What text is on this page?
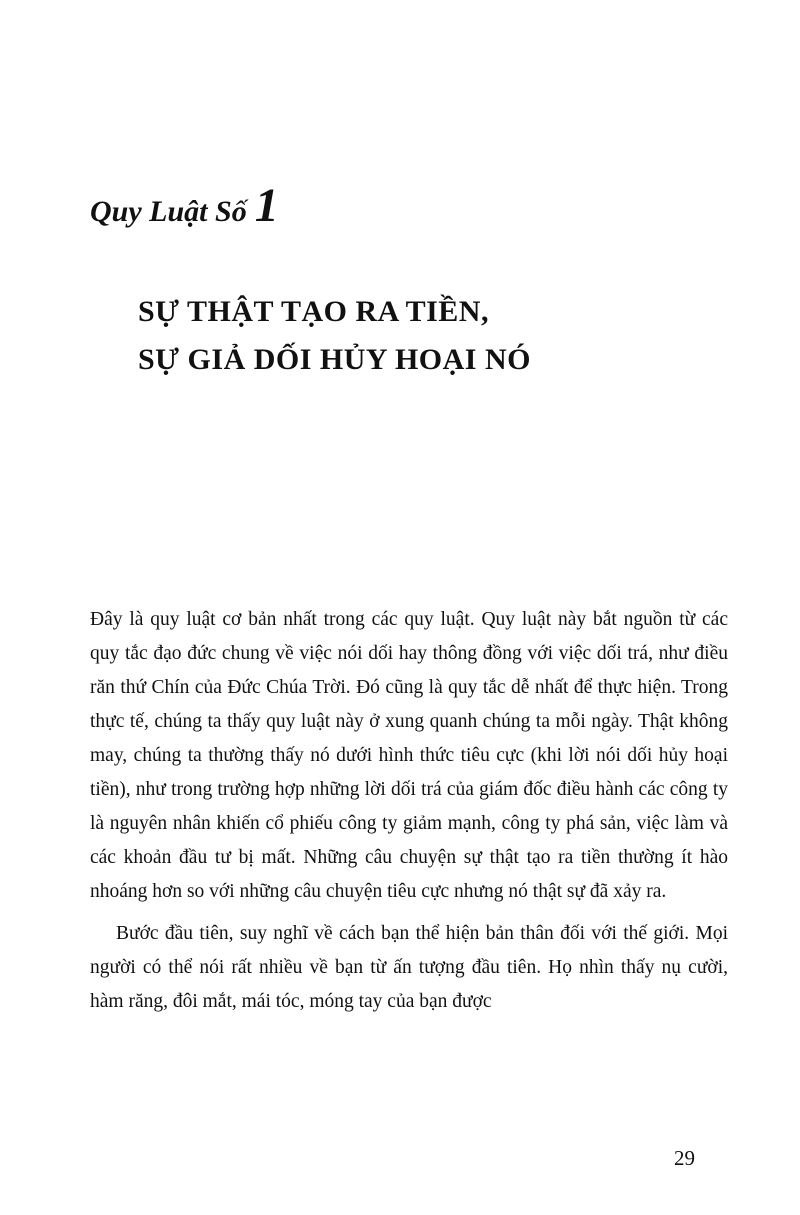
Quy Luật Số 1
SỰ THẬT TẠO RA TIỀN,
SỰ GIẢ DỐI HỦY HOẠI NÓ

Đây là quy luật cơ bản nhất trong các quy luật. Quy luật này bắt nguồn từ các quy tắc đạo đức chung về việc nói dối hay thông đồng với việc dối trá, như điều răn thứ Chín của Đức Chúa Trời. Đó cũng là quy tắc dễ nhất để thực hiện. Trong thực tế, chúng ta thấy quy luật này ở xung quanh chúng ta mỗi ngày. Thật không may, chúng ta thường thấy nó dưới hình thức tiêu cực (khi lời nói dối hủy hoại tiền), như trong trường hợp những lời dối trá của giám đốc điều hành các công ty là nguyên nhân khiến cổ phiếu công ty giảm mạnh, công ty phá sản, việc làm và các khoản đầu tư bị mất. Những câu chuyện sự thật tạo ra tiền thường ít hào nhoáng hơn so với những câu chuyện tiêu cực nhưng nó thật sự đã xảy ra.

Bước đầu tiên, suy nghĩ về cách bạn thể hiện bản thân đối với thế giới. Mọi người có thể nói rất nhiều về bạn từ ấn tượng đầu tiên. Họ nhìn thấy nụ cười, hàm răng, đôi mắt, mái tóc, móng tay của bạn được

29
